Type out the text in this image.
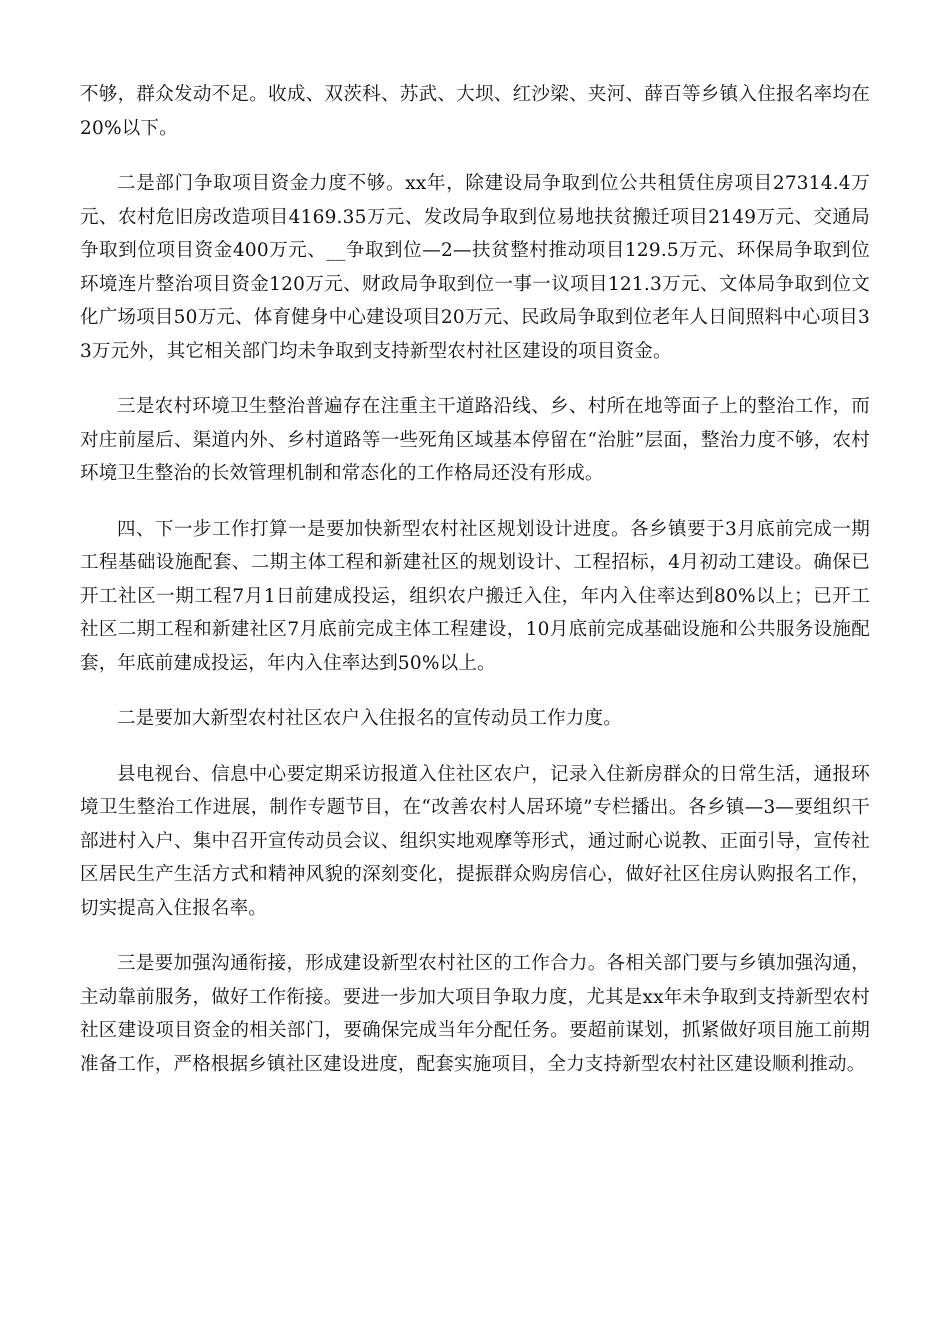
不够，群众发动不足。收成、双茨科、苏武、大坝、红沙梁、夹河、薛百等乡镇入住报名率均在20%以下。

二是部门争取项目资金力度不够。xx年，除建设局争取到位公共租赁住房项目27314.4万元、农村危旧房改造项目4169.35万元、发改局争取到位易地扶贫搬迁项目2149万元、交通局争取到位项目资金400万元、__争取到位—2—扶贫整村推动项目129.5万元、环保局争取到位环境连片整治项目资金120万元、财政局争取到位一事一议项目121.3万元、文体局争取到位文化广场项目50万元、体育健身中心建设项目20万元、民政局争取到位老年人日间照料中心项目33万元外，其它相关部门均未争取到支持新型农村社区建设的项目资金。

三是农村环境卫生整治普遍存在注重主干道路沿线、乡、村所在地等面子上的整治工作，而对庄前屋后、渠道内外、乡村道路等一些死角区域基本停留在“治脏”层面，整治力度不够，农村环境卫生整治的长效管理机制和常态化的工作格局还没有形成。

四、下一步工作打算一是要加快新型农村社区规划设计进度。各乡镇要于3月底前完成一期工程基础设施配套、二期主体工程和新建社区的规划设计、工程招标，4月初动工建设。确保已开工社区一期工程7月1日前建成投运，组织农户搬迁入住，年内入住率达到80%以上；已开工社区二期工程和新建社区7月底前完成主体工程建设，10月底前完成基础设施和公共服务设施配套，年底前建成投运，年内入住率达到50%以上。

二是要加大新型农村社区农户入住报名的宣传动员工作力度。

县电视台、信息中心要定期采访报道入住社区农户，记录入住新房群众的日常生活，通报环境卫生整治工作进展，制作专题节目，在“改善农村人居环境”专栏播出。各乡镇—3—要组织干部进村入户、集中召开宣传动员会议、组织实地观摩等形式，通过耐心说教、正面引导，宣传社区居民生产生活方式和精神风貌的深刻变化，提振群众购房信心，做好社区住房认购报名工作，切实提高入住报名率。

三是要加强沟通衔接，形成建设新型农村社区的工作合力。各相关部门要与乡镇加强沟通，主动靠前服务，做好工作衔接。要进一步加大项目争取力度，尤其是xx年未争取到支持新型农村社区建设项目资金的相关部门，要确保完成当年分配任务。要超前谋划，抓紧做好项目施工前期准备工作，严格根据乡镇社区建设进度，配套实施项目，全力支持新型农村社区建设顺利推动。
